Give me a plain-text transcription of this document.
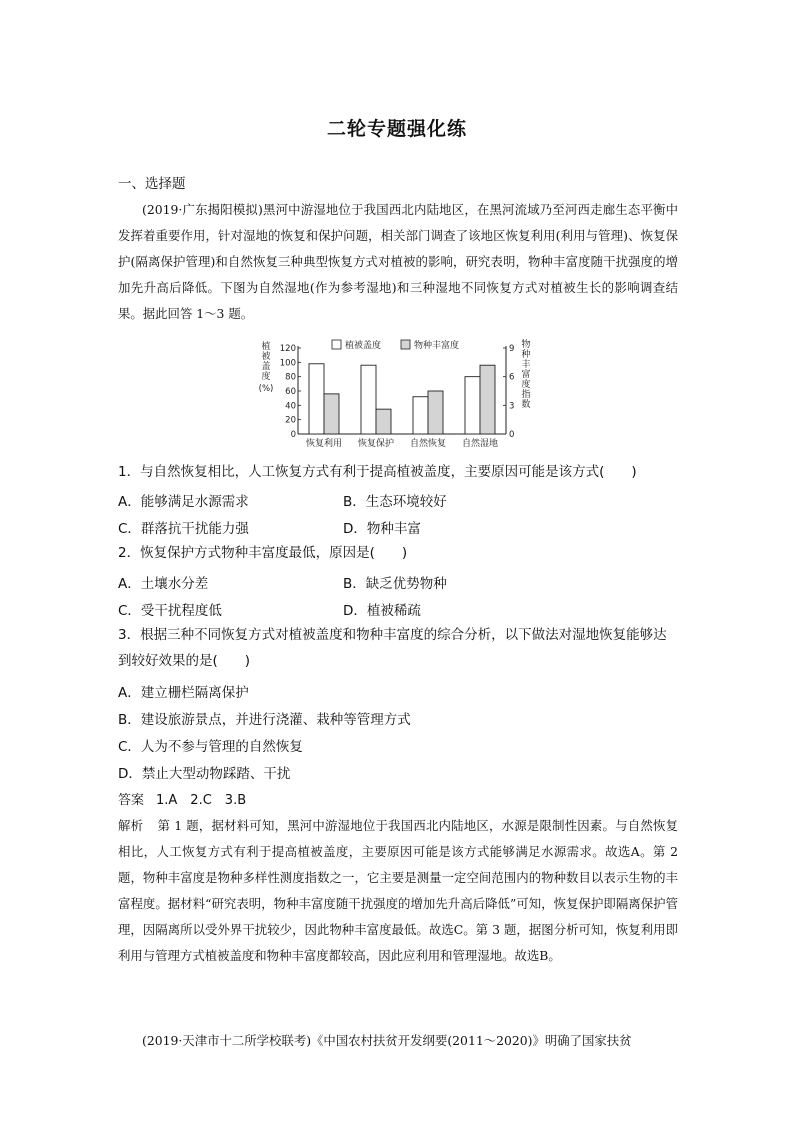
二轮专题强化练
一、选择题

(2019·广东揭阳模拟)黑河中游湿地位于我国西北内陆地区，在黑河流域乃至河西走廊生态平衡中发挥着重要作用，针对湿地的恢复和保护问题，相关部门调查了该地区恢复利用(利用与管理)、恢复保护(隔离保护管理)和自然恢复三种典型恢复方式对植被的影响，研究表明，物种丰富度随干扰强度的增加先升高后降低。下图为自然湿地(作为参考湿地)和三种湿地不同恢复方式对植被生长的影响调查结果。据此回答 1～3 题。

120
100
80
60
40
20
0
9
6
3
0
植
被
盖
度
(%)
物
种
丰
富
度
指
数
植被盖度	物种丰富度
恢复利用 恢复保护 自然恢复 自然湿地

1．与自然恢复相比，人工恢复方式有利于提高植被盖度，主要原因可能是该方式(　　)

A．能够满足水源需求	B．生态环境较好
C．群落抗干扰能力强	D．物种丰富

2．恢复保护方式物种丰富度最低，原因是(　　)

A．土壤水分差	B．缺乏优势物种
C．受干扰程度低	D．植被稀疏

3．根据三种不同恢复方式对植被盖度和物种丰富度的综合分析，以下做法对湿地恢复能够达到较好效果的是(　　)

A．建立栅栏隔离保护
B．建设旅游景点，并进行浇灌、栽种等管理方式
C．人为不参与管理的自然恢复
D．禁止大型动物踩踏、干扰
答案 1.A　2.C　3.B

解析 第 1 题，据材料可知，黑河中游湿地位于我国西北内陆地区，水源是限制性因素。与自然恢复相比，人工恢复方式有利于提高植被盖度，主要原因可能是该方式能够满足水源需求。故选A。第 2 题，物种丰富度是物种多样性测度指数之一，它主要是测量一定空间范围内的物种数目以表示生物的丰富程度。据材料“研究表明，物种丰富度随干扰强度的增加先升高后降低”可知，恢复保护即隔离保护管理，因隔离所以受外界干扰较少，因此物种丰富度最低。故选C。第 3 题，据图分析可知，恢复利用即利用与管理方式植被盖度和物种丰富度都较高，因此应利用和管理湿地。故选B。

(2019·天津市十二所学校联考)《中国农村扶贫开发纲要(2011～2020)》明确了国家扶贫
